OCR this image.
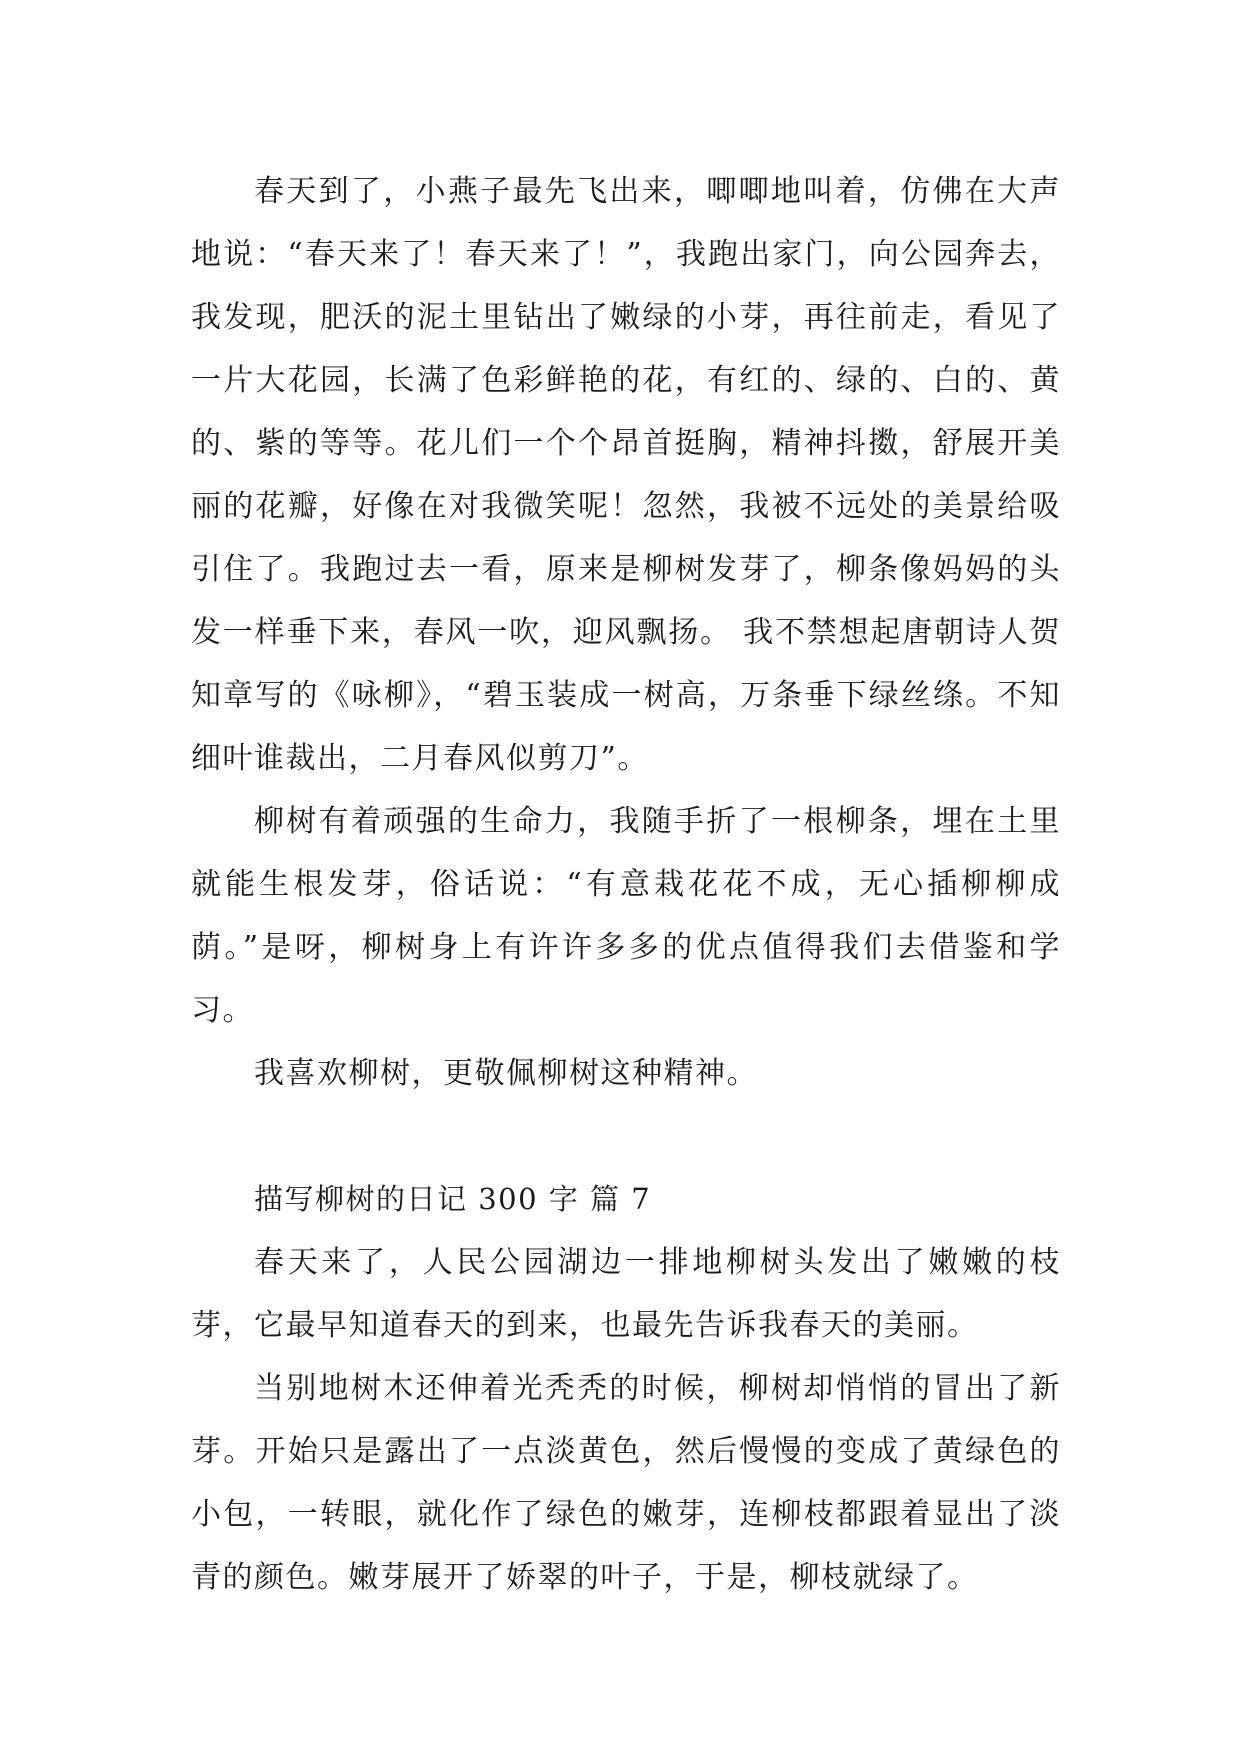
春天到了，小燕子最先飞出来，唧唧地叫着，仿佛在大声地说：“春天来了！春天来了！”，我跑出家门，向公园奔去，我发现，肥沃的泥土里钻出了嫩绿的小芽，再往前走，看见了一片大花园，长满了色彩鲜艳的花，有红的、绿的、白的、黄的、紫的等等。花儿们一个个昂首挺胸，精神抖擞，舒展开美丽的花瓣，好像在对我微笑呢！忽然，我被不远处的美景给吸引住了。我跑过去一看，原来是柳树发芽了，柳条像妈妈的头发一样垂下来，春风一吹，迎风飘扬。 我不禁想起唐朝诗人贺知章写的《咏柳》，“碧玉装成一树高，万条垂下绿丝绦。不知细叶谁裁出，二月春风似剪刀”。

柳树有着顽强的生命力，我随手折了一根柳条，埋在土里就能生根发芽，俗话说：“有意栽花花不成，无心插柳柳成荫。”是呀，柳树身上有许许多多的优点值得我们去借鉴和学习。

我喜欢柳树，更敬佩柳树这种精神。

描写柳树的日记 300 字 篇 7

春天来了，人民公园湖边一排地柳树头发出了嫩嫩的枝芽，它最早知道春天的到来，也最先告诉我春天的美丽。

当别地树木还伸着光秃秃的时候，柳树却悄悄的冒出了新芽。开始只是露出了一点淡黄色，然后慢慢的变成了黄绿色的小包，一转眼，就化作了绿色的嫩芽，连柳枝都跟着显出了淡青的颜色。嫩芽展开了娇翠的叶子，于是，柳枝就绿了。
